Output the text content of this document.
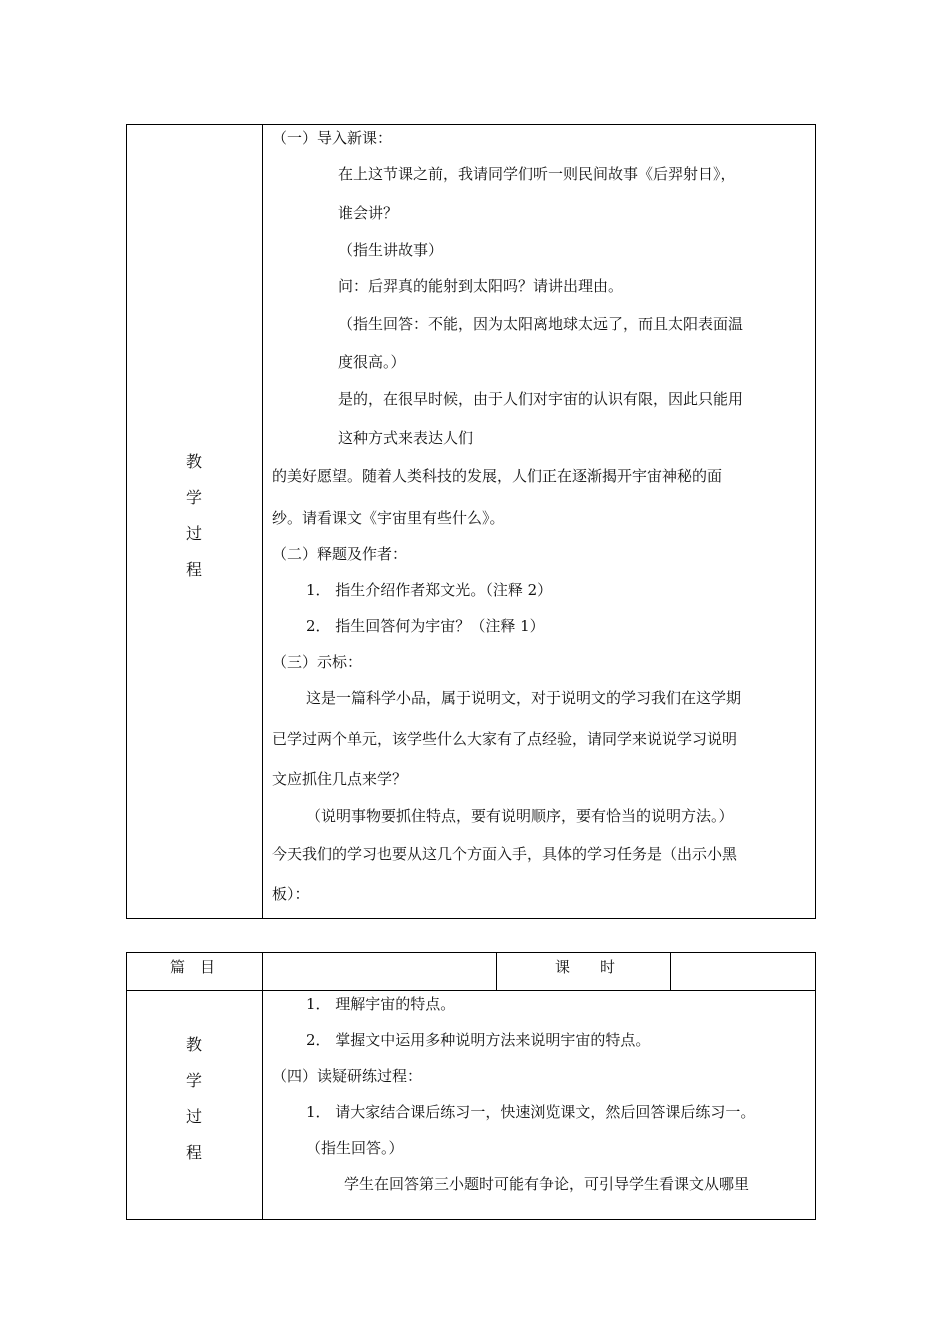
教
学
过
程
（一）导入新课：
在上这节课之前，我请同学们听一则民间故事《后羿射日》，
谁会讲？
（指生讲故事）
问：后羿真的能射到太阳吗？请讲出理由。
（指生回答：不能，因为太阳离地球太远了，而且太阳表面温
度很高。）
是的，在很早时候，由于人们对宇宙的认识有限，因此只能用
这种方式来表达人们
的美好愿望。随着人类科技的发展，人们正在逐渐揭开宇宙神秘的面
纱。请看课文《宇宙里有些什么》。
（二）释题及作者：
1． 指生介绍作者郑文光。（注释 2）
2． 指生回答何为宇宙？（注释 1）
（三）示标：
这是一篇科学小品，属于说明文，对于说明文的学习我们在这学期
已学过两个单元，该学些什么大家有了点经验，请同学来说说学习说明
文应抓住几点来学？
（说明事物要抓住特点，要有说明顺序，要有恰当的说明方法。）
今天我们的学习也要从这几个方面入手，具体的学习任务是（出示小黑
板）：
篇　目	课　　时
教
学
过
程
1． 理解宇宙的特点。
2． 掌握文中运用多种说明方法来说明宇宙的特点。
（四）读疑研练过程：
1． 请大家结合课后练习一，快速浏览课文，然后回答课后练习一。
（指生回答。）
学生在回答第三小题时可能有争论，可引导学生看课文从哪里
